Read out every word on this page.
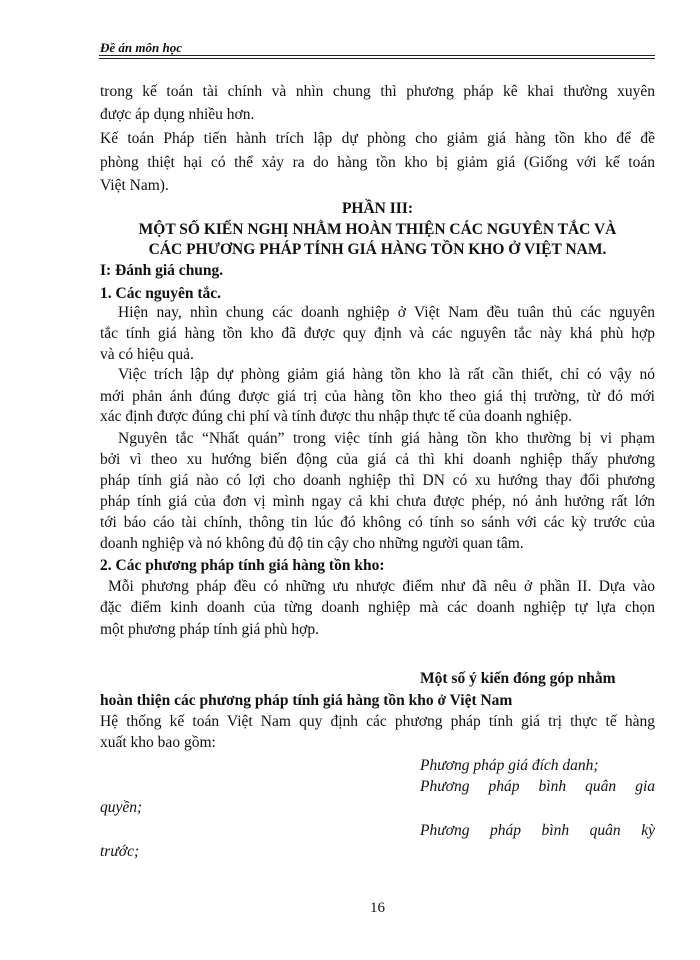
Đề án môn học
trong kế toán tài chính và nhìn chung thì phương pháp kê khai thường xuyên
được áp dụng nhiều hơn.
Kế toán Pháp tiến hành trích lập dự phòng cho giảm giá hàng tồn kho để đề
phòng thiệt hại có thể xảy ra do hàng tồn kho bị giảm giá (Giống với kế toán
Việt Nam).
PHẦN III:
MỘT SỐ KIẾN NGHỊ NHẰM HOÀN THIỆN CÁC NGUYÊN TẮC VÀ
CÁC PHƯƠNG PHÁP TÍNH GIÁ HÀNG TỒN KHO Ở VIỆT NAM.
I: Đánh giá chung.
1. Các nguyên tắc.
Hiện nay, nhìn chung các doanh nghiệp ở Việt Nam đều tuân thủ các nguyên
tắc tính giá hàng tồn kho đã được quy định và các nguyên tắc này khá phù hợp
và có hiệu quả.
Việc trích lập dự phòng giảm giá hàng tồn kho là rất cần thiết, chỉ có vậy nó
mới phản ánh đúng được giá trị của hàng tồn kho theo giá thị trường, từ đó mới
xác định được đúng chi phí và tính được thu nhập thực tế của doanh nghiệp.
Nguyên tắc “Nhất quán” trong việc tính giá hàng tồn kho thường bị vi phạm
bởi vì theo xu hướng biến động của giá cả thì khi doanh nghiệp thấy phương
pháp tính giá nào có lợi cho doanh nghiệp thì DN có xu hướng thay đổi phương
pháp tính giá của đơn vị mình ngay cả khi chưa được phép, nó ảnh hưởng rất lớn
tới báo cáo tài chính, thông tin lúc đó không có tính so sánh với các kỳ trước của
doanh nghiệp và nó không đủ độ tin cậy cho những người quan tâm.
2. Các phương pháp tính giá hàng tồn kho:
Mỗi phương pháp đều có những ưu nhược điểm như đã nêu ở phần II. Dựa vào
đặc điểm kinh doanh của từng doanh nghiệp mà các doanh nghiệp tự lựa chọn
một phương pháp tính giá phù hợp.
Một số ý kiến đóng góp nhằm
hoàn thiện các phương pháp tính giá hàng tồn kho ở Việt Nam
Hệ thống kế toán Việt Nam quy định các phương pháp tính giá trị thực tế hàng
xuất kho bao gồm:
Phương pháp giá đích danh;
Phương pháp bình quân gia
quyền;
Phương pháp bình quân kỳ
trước;
16
